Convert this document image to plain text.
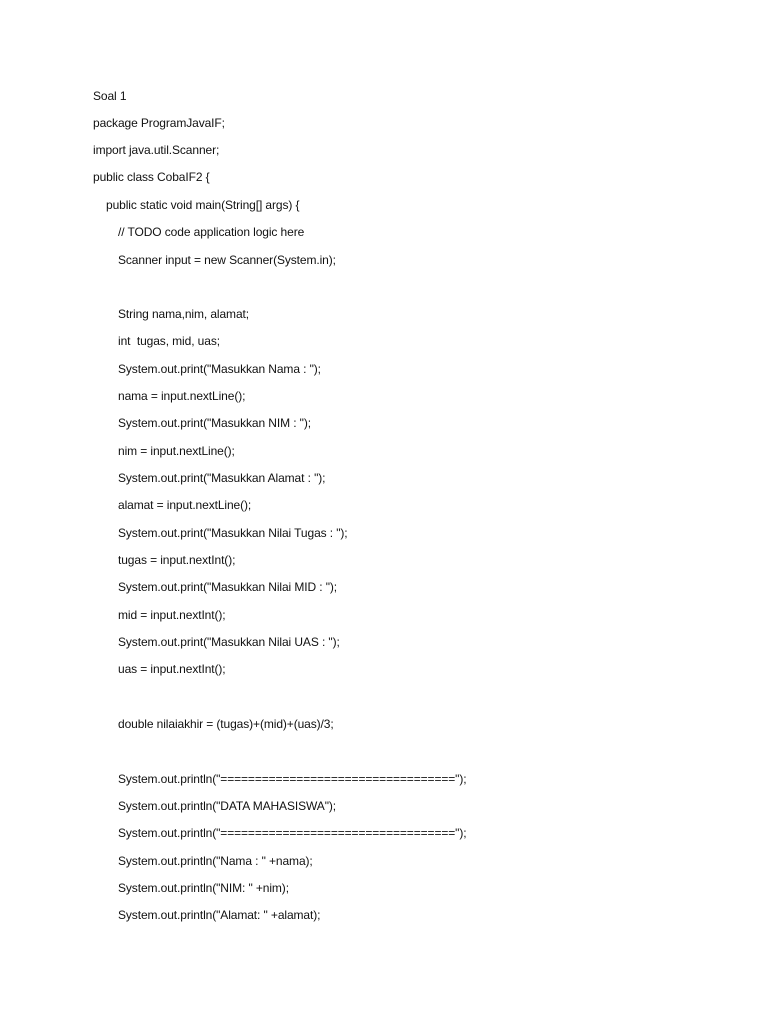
Soal 1
package ProgramJavaIF;
import java.util.Scanner;
public class CobaIF2 {
public static void main(String[] args) {
// TODO code application logic here
Scanner input = new Scanner(System.in);
String nama,nim, alamat;
int  tugas, mid, uas;
System.out.print("Masukkan Nama : ");
nama = input.nextLine();
System.out.print("Masukkan NIM : ");
nim = input.nextLine();
System.out.print("Masukkan Alamat : ");
alamat = input.nextLine();
System.out.print("Masukkan Nilai Tugas : ");
tugas = input.nextInt();
System.out.print("Masukkan Nilai MID : ");
mid = input.nextInt();
System.out.print("Masukkan Nilai UAS : ");
uas = input.nextInt();
double nilaiakhir = (tugas)+(mid)+(uas)/3;
System.out.println("==================================");
System.out.println("DATA MAHASISWA");
System.out.println("==================================");
System.out.println("Nama : " +nama);
System.out.println("NIM: " +nim);
System.out.println("Alamat: " +alamat);
